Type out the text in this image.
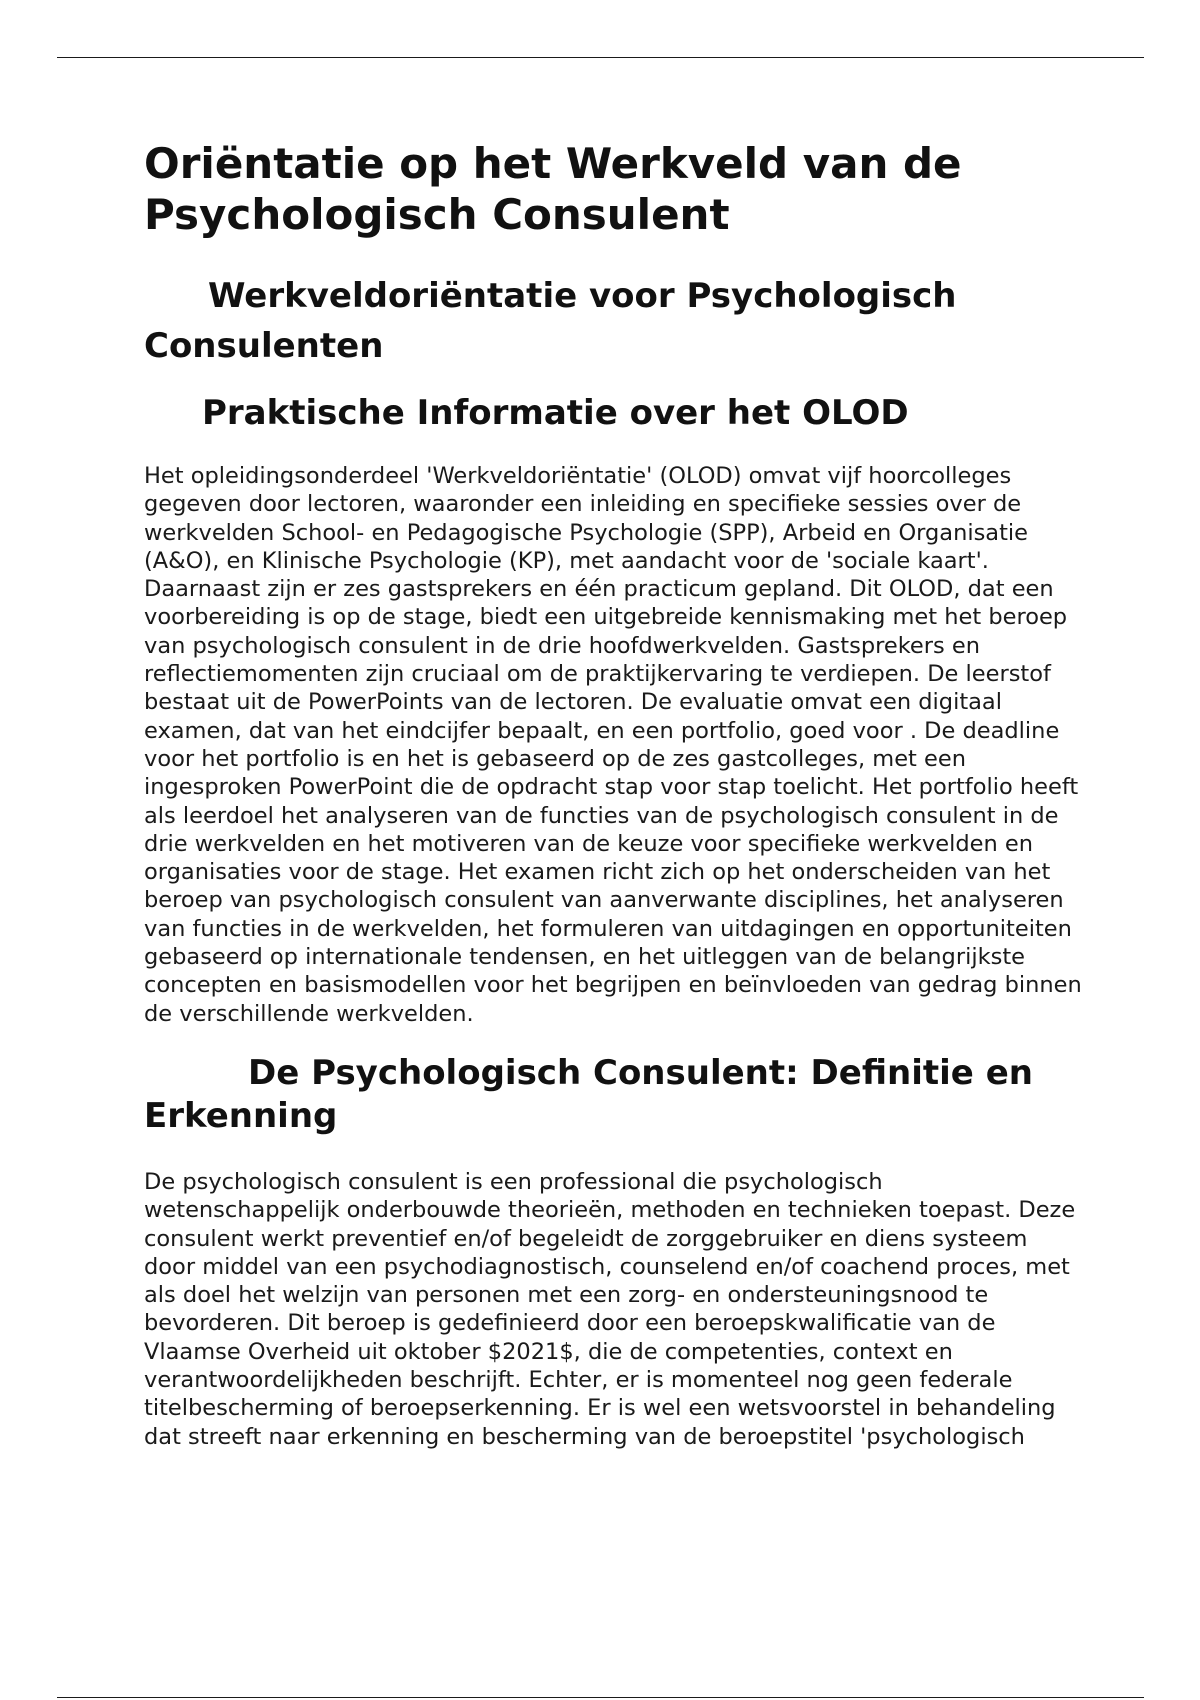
Oriëntatie op het Werkveld van de Psychologisch Consulent
Werkveldoriëntatie voor Psychologisch Consulenten
Praktische Informatie over het OLOD

Het opleidingsonderdeel 'Werkveldoriëntatie' (OLOD) omvat vijf hoorcolleges gegeven door lectoren, waaronder een inleiding en specifieke sessies over de werkvelden School- en Pedagogische Psychologie (SPP), Arbeid en Organisatie (A&O), en Klinische Psychologie (KP), met aandacht voor de 'sociale kaart'. Daarnaast zijn er zes gastsprekers en één practicum gepland. Dit OLOD, dat een voorbereiding is op de stage, biedt een uitgebreide kennismaking met het beroep van psychologisch consulent in de drie hoofdwerkvelden. Gastsprekers en reflectiemomenten zijn cruciaal om de praktijkervaring te verdiepen. De leerstof bestaat uit de PowerPoints van de lectoren. De evaluatie omvat een digitaal examen, dat van het eindcijfer bepaalt, en een portfolio, goed voor . De deadline voor het portfolio is en het is gebaseerd op de zes gastcolleges, met een ingesproken PowerPoint die de opdracht stap voor stap toelicht. Het portfolio heeft als leerdoel het analyseren van de functies van de psychologisch consulent in de drie werkvelden en het motiveren van de keuze voor specifieke werkvelden en organisaties voor de stage. Het examen richt zich op het onderscheiden van het beroep van psychologisch consulent van aanverwante disciplines, het analyseren van functies in de werkvelden, het formuleren van uitdagingen en opportuniteiten gebaseerd op internationale tendensen, en het uitleggen van de belangrijkste concepten en basismodellen voor het begrijpen en beïnvloeden van gedrag binnen de verschillende werkvelden.

De Psychologisch Consulent: Definitie en Erkenning

De psychologisch consulent is een professional die psychologisch wetenschappelijk onderbouwde theorieën, methoden en technieken toepast. Deze consulent werkt preventief en/of begeleidt de zorggebruiker en diens systeem door middel van een psychodiagnostisch, counselend en/of coachend proces, met als doel het welzijn van personen met een zorg- en ondersteuningsnood te bevorderen. Dit beroep is gedefinieerd door een beroepskwalificatie van de Vlaamse Overheid uit oktober $2021$, die de competenties, context en verantwoordelijkheden beschrijft. Echter, er is momenteel nog geen federale titelbescherming of beroepserkenning. Er is wel een wetsvoorstel in behandeling dat streeft naar erkenning en bescherming van de beroepstitel 'psychologisch
